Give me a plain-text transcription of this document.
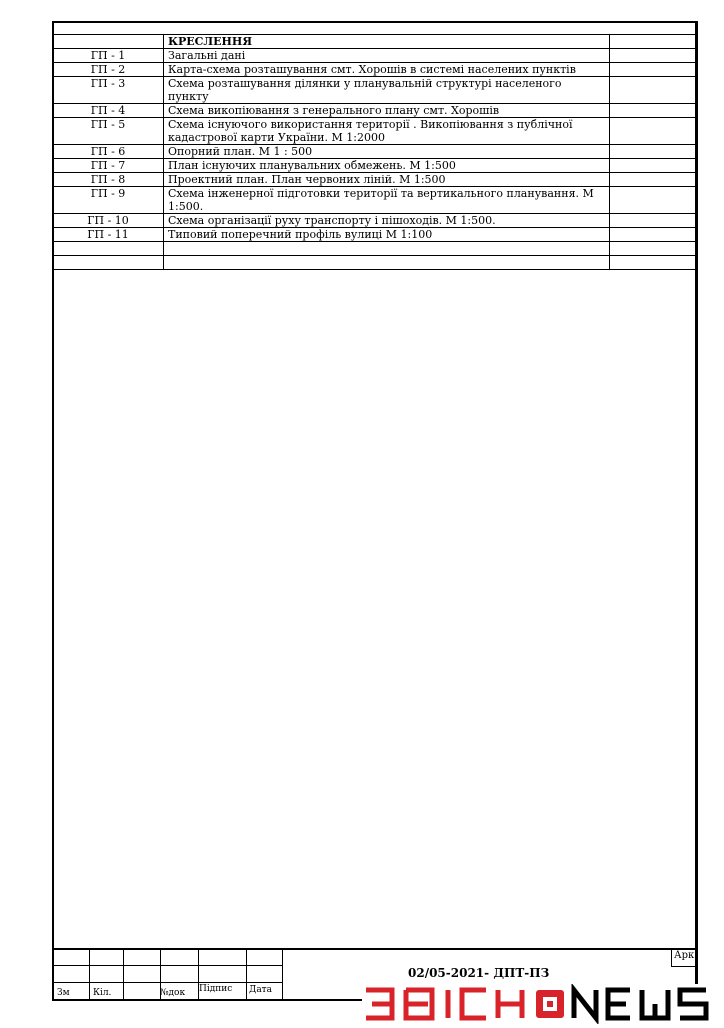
	КРЕСЛЕННЯ	
ГП - 1	Загальні дані	
ГП - 2	Карта-схема розташування смт. Хорошів в системі населених пунктів	
ГП - 3	Схема розташування ділянки у планувальній структурі населеного пункту	
ГП - 4	Схема викопіювання з генерального плану смт. Хорошів	
ГП - 5	Схема існуючого використання території . Викопіювання з публічної кадастрової карти України. М 1:2000	
ГП - 6	Опорний план. М 1 : 500	
ГП - 7	План існуючих планувальних обмежень. М 1:500	
ГП - 8	Проектний план. План червоних ліній. М 1:500	
ГП - 9	Схема інженерної підготовки території та вертикального планування. М 1:500.	
ГП - 10	Схема організації руху транспорту і пішоходів. М 1:500.	
ГП - 11	Типовий поперечний профіль вулиці М 1:100	

Арк.
02/05-2021- ДПТ-ПЗ
Зм	Кіл.	№док Підпис Дата
